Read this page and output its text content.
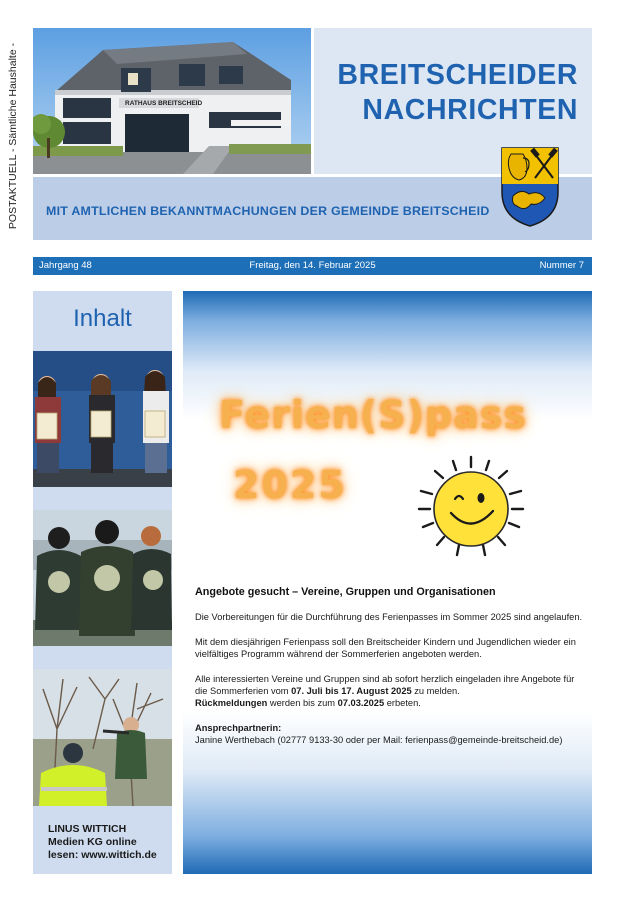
POSTAKTUELL - Sämtliche Haushalte -	RATHAUS BREITSCHEID
BREITSCHEIDER
NACHRICHTEN
MIT AMTLICHEN BEKANNTMACHUNGEN DER GEMEINDE BREITSCHEID
Jahrgang 48	Freitag, den 14. Februar 2025	Nummer 7
Inhalt
LINUS WITTICH
Medien KG online
lesen: www.wittich.de
Ferien(S)pass
2025
Angebote gesucht – Vereine, Gruppen und Organisationen

Die Vorbereitungen für die Durchführung des Ferienpasses im Sommer 2025 sind angelaufen.

Mit dem diesjährigen Ferienpass soll den Breitscheider Kindern und Jugendlichen wieder ein vielfältiges Programm während der Sommerferien angeboten werden.

Alle interessierten Vereine und Gruppen sind ab sofort herzlich eingeladen ihre Angebote für die Sommerferien vom 07. Juli bis 17. August 2025 zu melden.

Rückmeldungen werden bis zum 07.03.2025 erbeten.

Ansprechpartnerin:
Janine Werthebach (02777 9133-30 oder per Mail: ferienpass@gemeinde-breitscheid.de)
